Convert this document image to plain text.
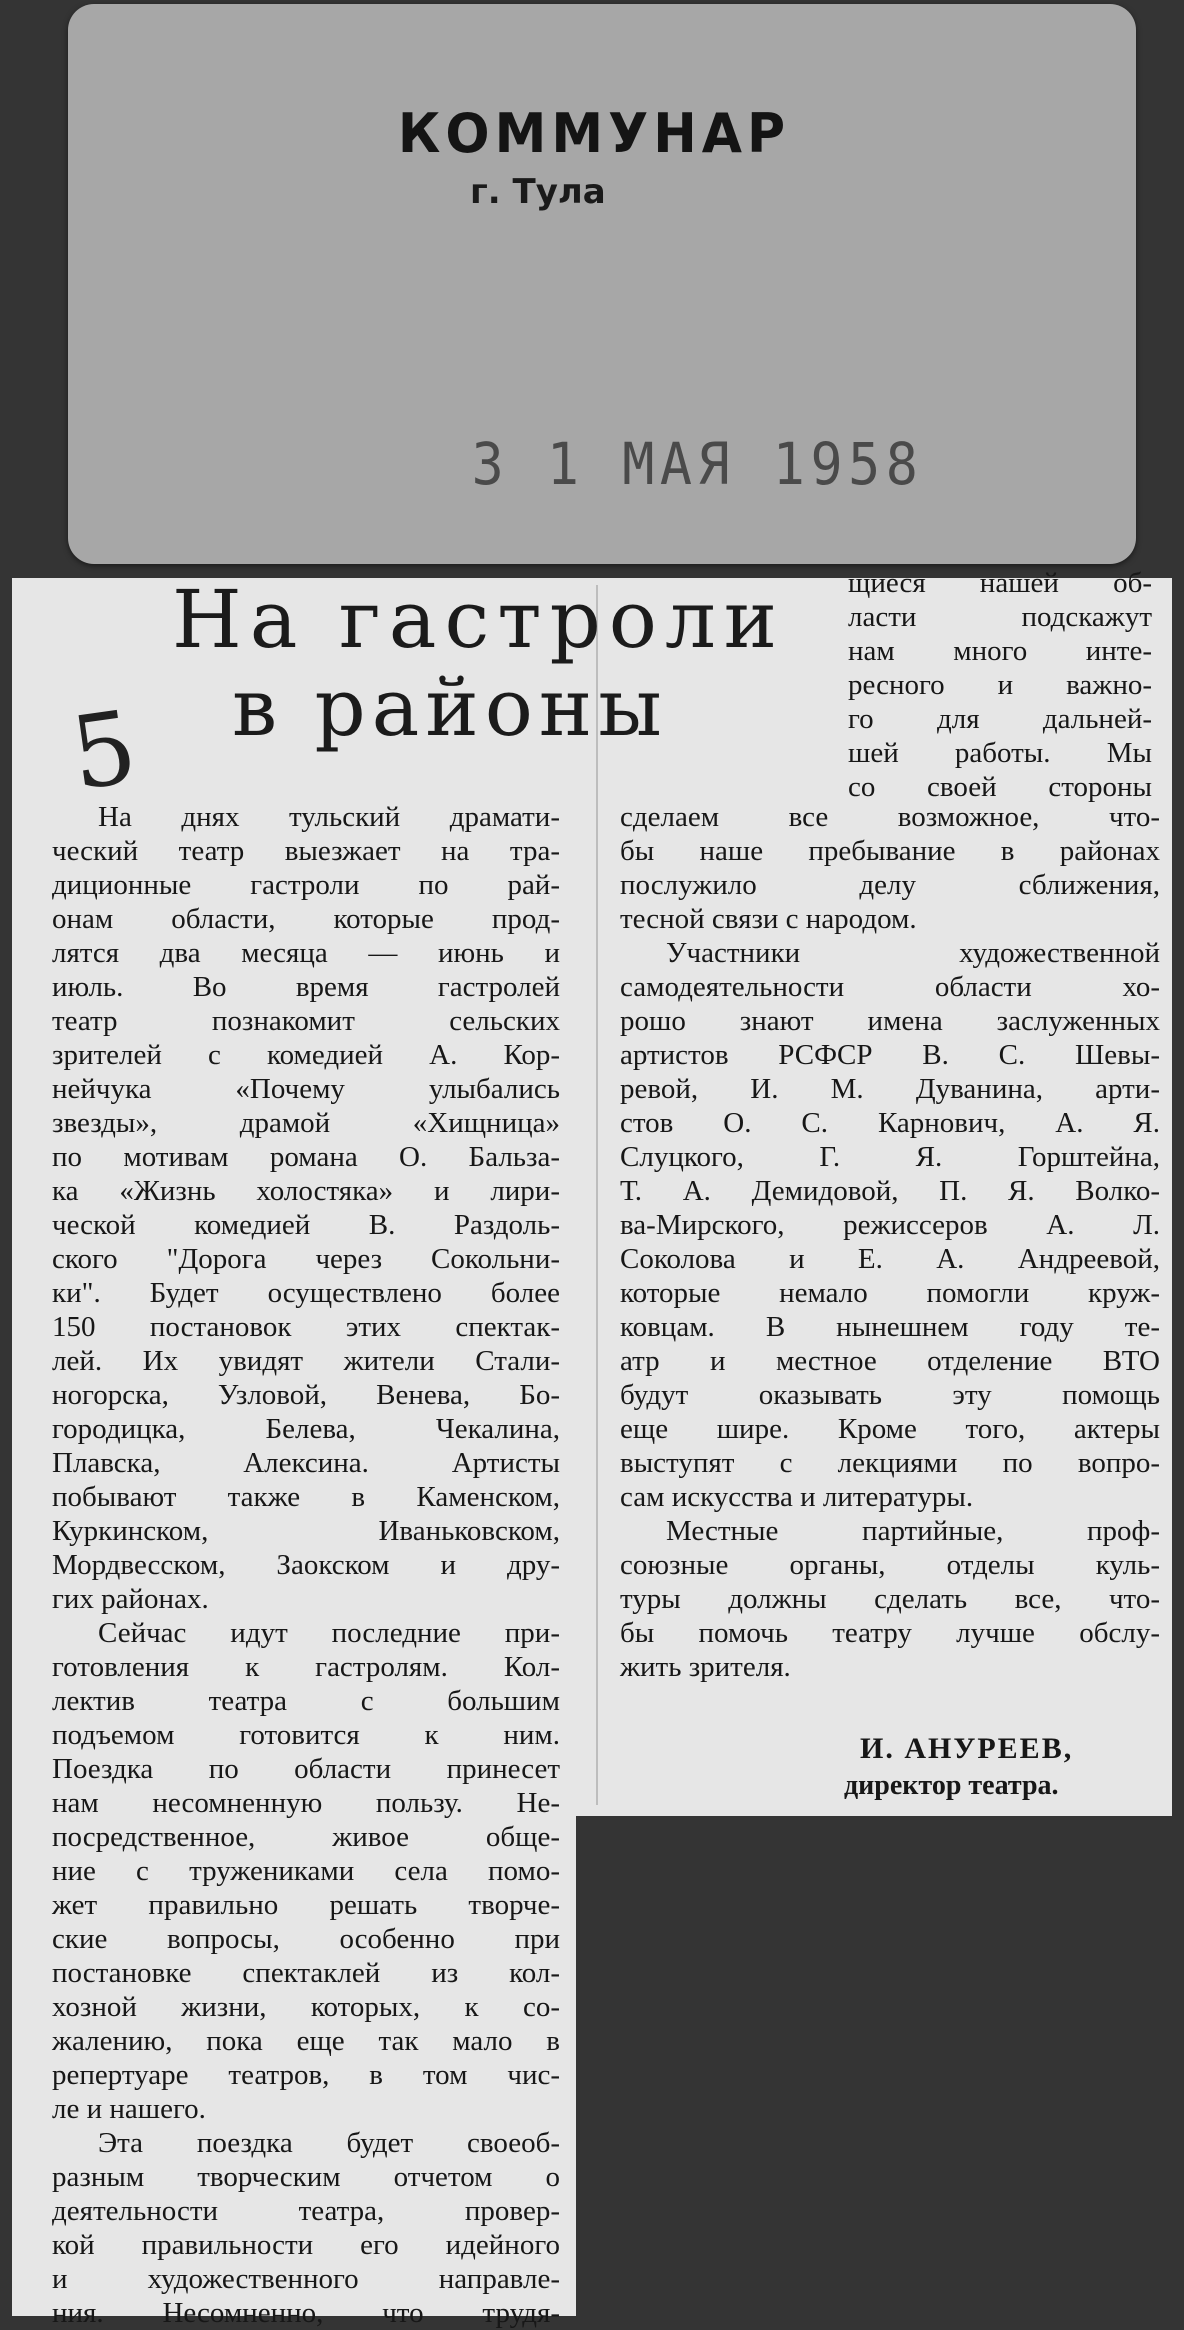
КОММУНАР

г. Тула

3 1 МАЯ 1958

На гастроли
в районы
5
щиеся нашей об-
ласти подскажут
нам много инте-
ресного и важно-
го для дальней-
шей работы. Мы
со своей стороны
На днях тульский драмати-
ческий театр выезжает на тра-
диционные гастроли по рай-
онам области, которые прод-
лятся два месяца — июнь и
июль. Во время гастролей
театр познакомит сельских
зрителей с комедией А. Кор-
нейчука «Почему улыбались
звезды», драмой «Хищница»
по мотивам романа О. Бальза-
ка «Жизнь холостяка» и лири-
ческой комедией В. Раздоль-
ского "Дорога через Сокольни-
ки". Будет осуществлено более
150 постановок этих спектак-
лей. Их увидят жители Стали-
ногорска, Узловой, Венева, Бо-
городицка, Белева, Чекалина,
Плавска, Алексина. Артисты
побывают также в Каменском,
Куркинском, Иваньковском,
Мордвесском, Заокском и дру-
гих районах.
Сейчас идут последние при-
готовления к гастролям. Кол-
лектив театра с большим
подъемом готовится к ним.
Поездка по области принесет
нам несомненную пользу. Не-
посредственное, живое обще-
ние с тружениками села помо-
жет правильно решать творче-
ские вопросы, особенно при
постановке спектаклей из кол-
хозной жизни, которых, к со-
жалению, пока еще так мало в
репертуаре театров, в том чис-
ле и нашего.
Эта поездка будет своеоб-
разным творческим отчетом о
деятельности театра, провер-
кой правильности его идейного
и художественного направле-
ния. Несомненно, что трудя-
сделаем все возможное, что-
бы наше пребывание в районах
послужило делу сближения,
тесной связи с народом.
Участники художественной
самодеятельности области хо-
рошо знают имена заслуженных
артистов РСФСР В. С. Шевы-
ревой, И. М. Дуванина, арти-
стов О. С. Карнович, А. Я.
Слуцкого, Г. Я. Горштейна,
Т. А. Демидовой, П. Я. Волко-
ва-Мирского, режиссеров А. Л.
Соколова и Е. А. Андреевой,
которые немало помогли круж-
ковцам. В нынешнем году те-
атр и местное отделение ВТО
будут оказывать эту помощь
еще шире. Кроме того, актеры
выступят с лекциями по вопро-
сам искусства и литературы.
Местные партийные, проф-
союзные органы, отделы куль-
туры должны сделать все, что-
бы помочь театру лучше обслу-
жить зрителя.

И. АНУРЕЕВ,

директор театра.
